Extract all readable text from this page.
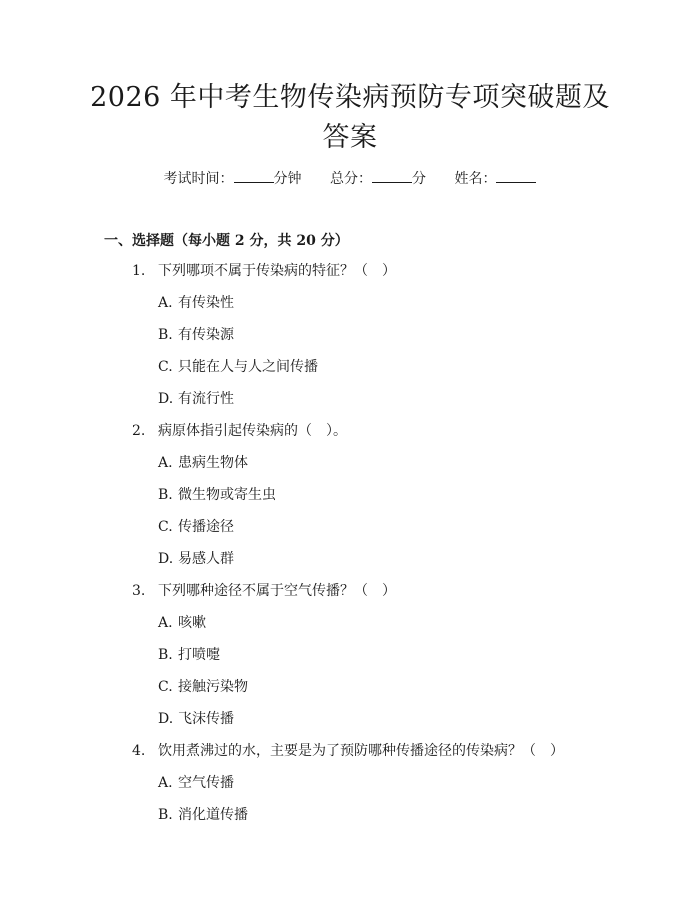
2026 年中考生物传染病预防专项突破题及答案
考试时间：	分钟 总分：	分 姓名：
一、选择题（每小题 2 分，共 20 分）
1. 下列哪项不属于传染病的特征？（　）
A. 有传染性
B. 有传染源
C. 只能在人与人之间传播
D. 有流行性
2. 病原体指引起传染病的（　）。
A. 患病生物体
B. 微生物或寄生虫
C. 传播途径
D. 易感人群
3. 下列哪种途径不属于空气传播？（　）
A. 咳嗽
B. 打喷嚏
C. 接触污染物
D. 飞沫传播
4. 饮用煮沸过的水，主要是为了预防哪种传播途径的传染病？（　）
A. 空气传播
B. 消化道传播
